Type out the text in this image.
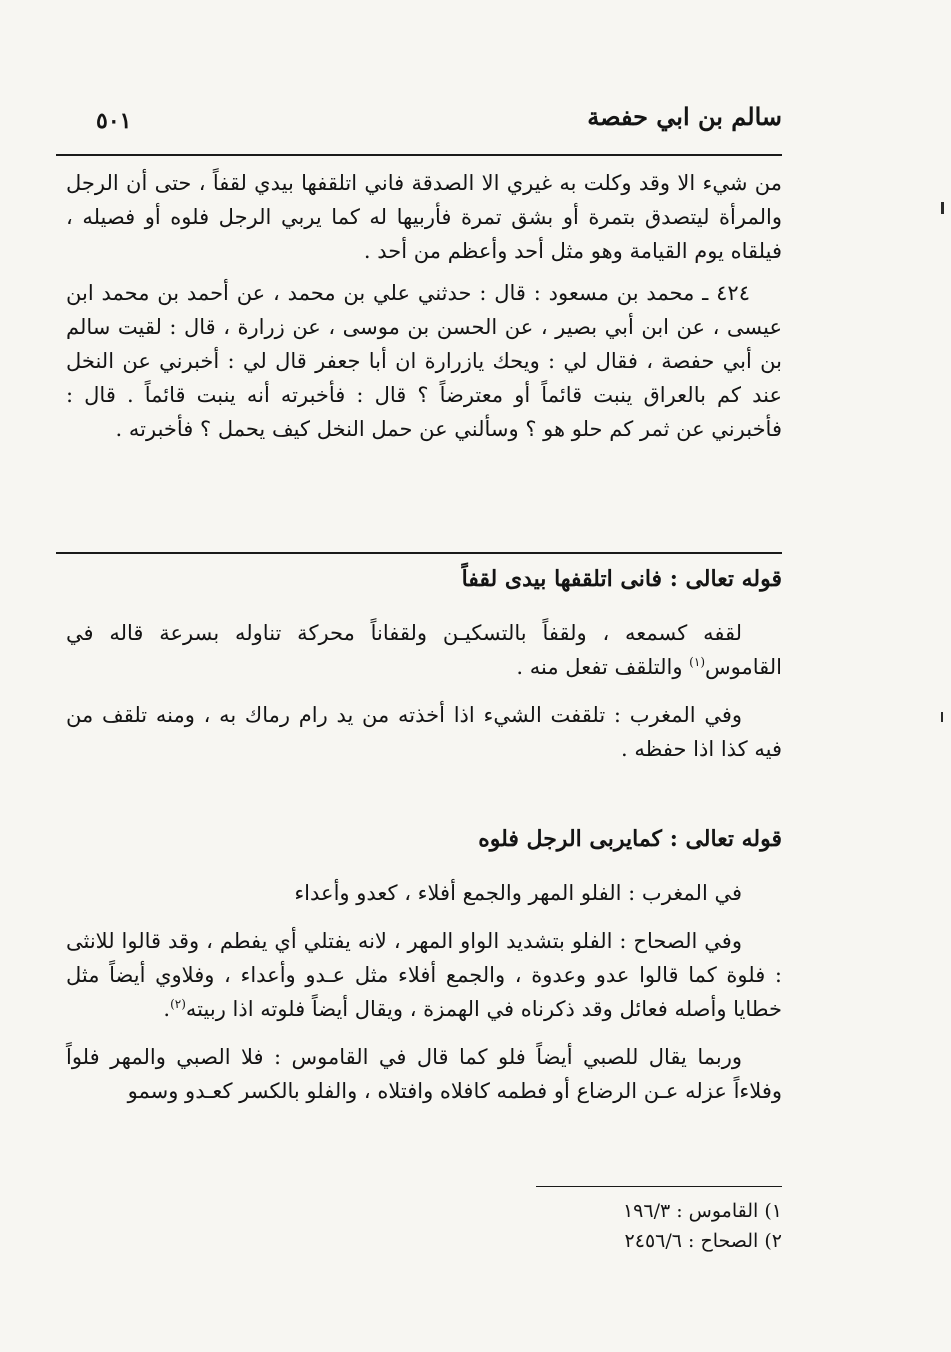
سالم بن ابي حفصة
٥٠١

من شيء الا وقد وكلت به غيري الا الصدقة فاني اتلقفها بيدي لقفاً ، حتى أن الرجل والمرأة ليتصدق بتمرة أو بشق تمرة فأربيها له كما يربي الرجل فلوه أو فصيله ، فيلقاه يوم القيامة وهو مثل أحد وأعظم من أحد .

٤٢٤ ـ محمد بن مسعود : قال : حدثني علي بن محمد ، عن أحمد بن محمد ابن عيسى ، عن ابن أبي بصير ، عن الحسن بن موسى ، عن زرارة ، قال : لقيت سالم بن أبي حفصة ، فقال لي : ويحك يازرارة ان أبا جعفر قال لي : أخبرني عن النخل عند كم بالعراق ينبت قائماً أو معترضاً ؟ قال : فأخبرته أنه ينبت قائماً . قال : فأخبرني عن ثمر كم حلو هو ؟ وسألني عن حمل النخل كيف يحمل ؟ فأخبرته .

قوله تعالى : فانى اتلقفها بيدى لقفاً

لقفه كسمعه ، ولقفاً بالتسكيـن ولقفاناً محركة تناوله بسرعة قاله في القاموس$^{(١)}$ والتلقف تفعل منه .

وفي المغرب : تلقفت الشيء اذا أخذته من يد رام رماك به ، ومنه تلقف من فيه كذا اذا حفظه .

قوله تعالى : كمايربى الرجل فلوه

في المغرب : الفلو المهر والجمع أفلاء ، كعدو وأعداء

وفي الصحاح : الفلو بتشديد الواو المهر ، لانه يفتلي أي يفطم ، وقد قالوا للانثى : فلوة كما قالوا عدو وعدوة ، والجمع أفلاء مثل عـدو وأعداء ، وفلاوي أيضاً مثل خطايا وأصله فعائل وقد ذكرناه في الهمزة ، ويقال أيضاً فلوته اذا ربيته$^{(٢)}$.

وربما يقال للصبي أيضاً فلو كما قال في القاموس : فلا الصبي والمهر فلواً وفلاءاً عزله عـن الرضاع أو فطمه كافلاه وافتلاه ، والفلو بالكسر كعـدو وسمو

١) القاموس : ١٩٦/٣
٢) الصحاح : ٢٤٥٦/٦
